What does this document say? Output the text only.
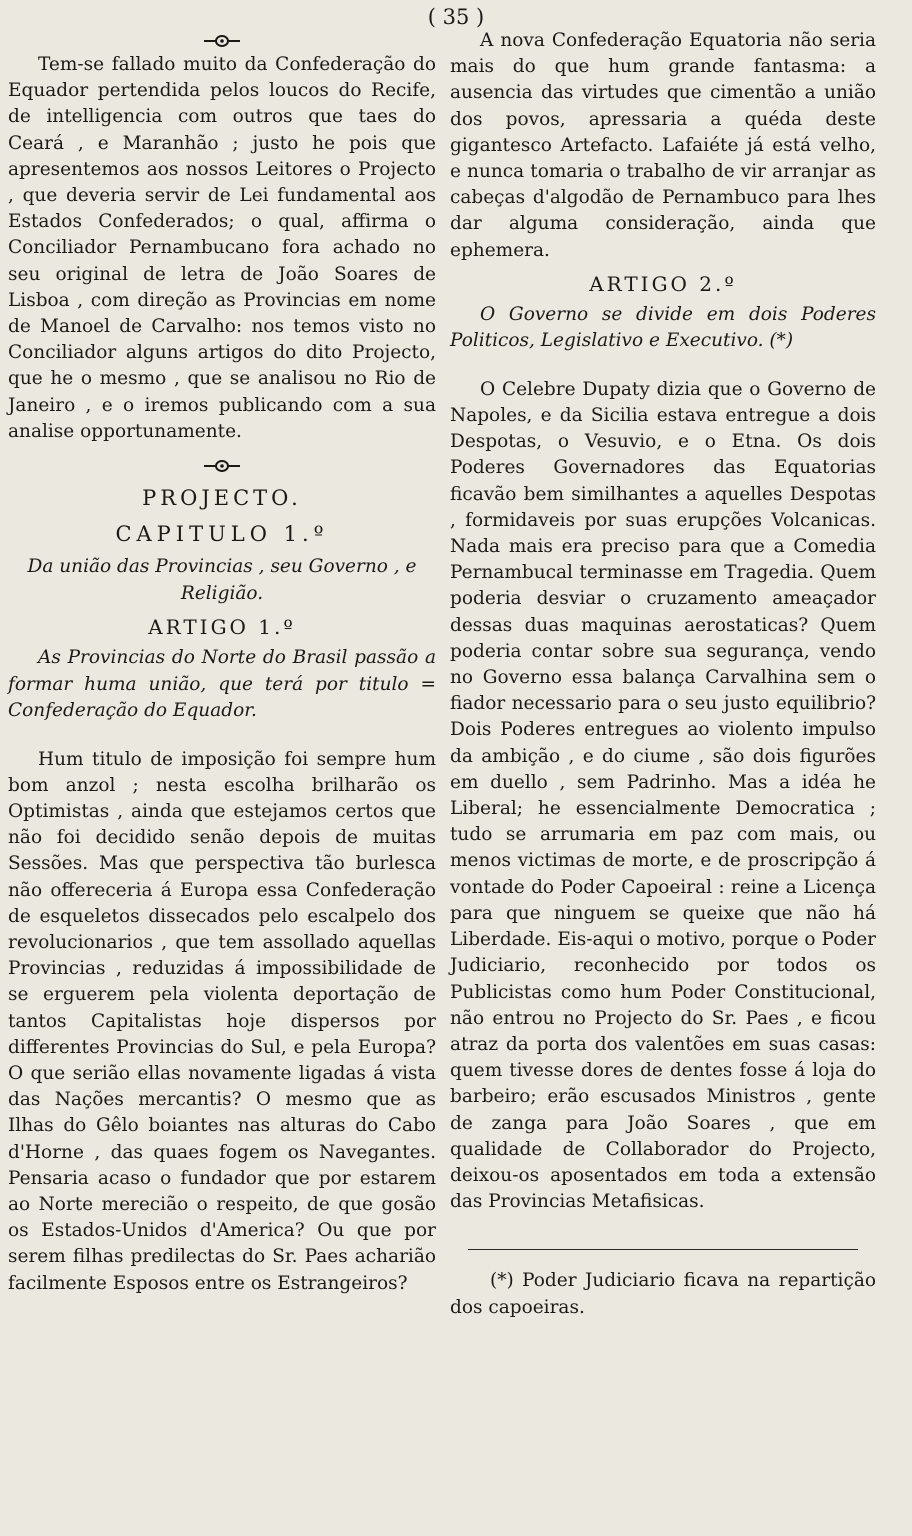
( 35 )

Tem-se fallado muito da Confederação do Equador pertendida pelos loucos do Recife, de intelligencia com outros que taes do Ceará , e Maranhão ; justo he pois que apresentemos aos nossos Leitores o Projecto , que deveria servir de Lei fundamental aos Estados Confederados; o qual, affirma o Conciliador Pernambucano fora achado no seu original de letra de João Soares de Lisboa , com direção as Provincias em nome de Manoel de Carvalho: nos temos visto no Conciliador alguns artigos do dito Projecto, que he o mesmo , que se analisou no Rio de Janeiro , e o iremos publicando com a sua analise opportunamente.

PROJECTO.
CAPITULO 1.º

Da união das Provincias , seu Governo , e Religião.

ARTIGO 1.º

As Provincias do Norte do Brasil passão a formar huma união, que terá por titulo = Confederação do Equador.

Hum titulo de imposição foi sempre hum bom anzol ; nesta escolha brilharão os Optimistas , ainda que estejamos certos que não foi decidido senão depois de muitas Sessões. Mas que perspectiva tão burlesca não offereceria á Europa essa Confederação de esqueletos dissecados pelo escalpelo dos revolucionarios , que tem assollado aquellas Provincias , reduzidas á impossibilidade de se erguerem pela violenta deportação de tantos Capitalistas hoje dispersos por differentes Provincias do Sul, e pela Europa? O que serião ellas novamente ligadas á vista das Nações mercantis? O mesmo que as Ilhas do Gêlo boiantes nas alturas do Cabo d'Horne , das quaes fogem os Navegantes. Pensaria acaso o fundador que por estarem ao Norte merecião o respeito, de que gosão os Estados-Unidos d'America? Ou que por serem filhas predilectas do Sr. Paes acharião facilmente Esposos entre os Estrangeiros?

A nova Confederação Equatoria não seria mais do que hum grande fantasma: a ausencia das virtudes que cimentão a união dos povos, apressaria a quéda deste gigantesco Artefacto. Lafaiéte já está velho, e nunca tomaria o trabalho de vir arranjar as cabeças d'algodão de Pernambuco para lhes dar alguma consideração, ainda que ephemera.

ARTIGO 2.º

O Governo se divide em dois Poderes Politicos, Legislativo e Executivo. (*)

O Celebre Dupaty dizia que o Governo de Napoles, e da Sicilia estava entregue a dois Despotas, o Vesuvio, e o Etna. Os dois Poderes Governadores das Equatorias ficavão bem similhantes a aquelles Despotas , formidaveis por suas erupções Volcanicas. Nada mais era preciso para que a Comedia Pernambucal terminasse em Tragedia. Quem poderia desviar o cruzamento ameaçador dessas duas maquinas aerostaticas? Quem poderia contar sobre sua segurança, vendo no Governo essa balança Carvalhina sem o fiador necessario para o seu justo equilibrio? Dois Poderes entregues ao violento impulso da ambição , e do ciume , são dois figurões em duello , sem Padrinho. Mas a idéa he Liberal; he essencialmente Democratica ; tudo se arrumaria em paz com mais, ou menos victimas de morte, e de proscripção á vontade do Poder Capoeiral : reine a Licença para que ninguem se queixe que não há Liberdade. Eis-aqui o motivo, porque o Poder Judiciario, reconhecido por todos os Publicistas como hum Poder Constitucional, não entrou no Projecto do Sr. Paes , e ficou atraz da porta dos valentões em suas casas: quem tivesse dores de dentes fosse á loja do barbeiro; erão escusados Ministros , gente de zanga para João Soares , que em qualidade de Collaborador do Projecto, deixou-os aposentados em toda a extensão das Provincias Metafisicas.

(*) Poder Judiciario ficava na repartição dos capoeiras.
